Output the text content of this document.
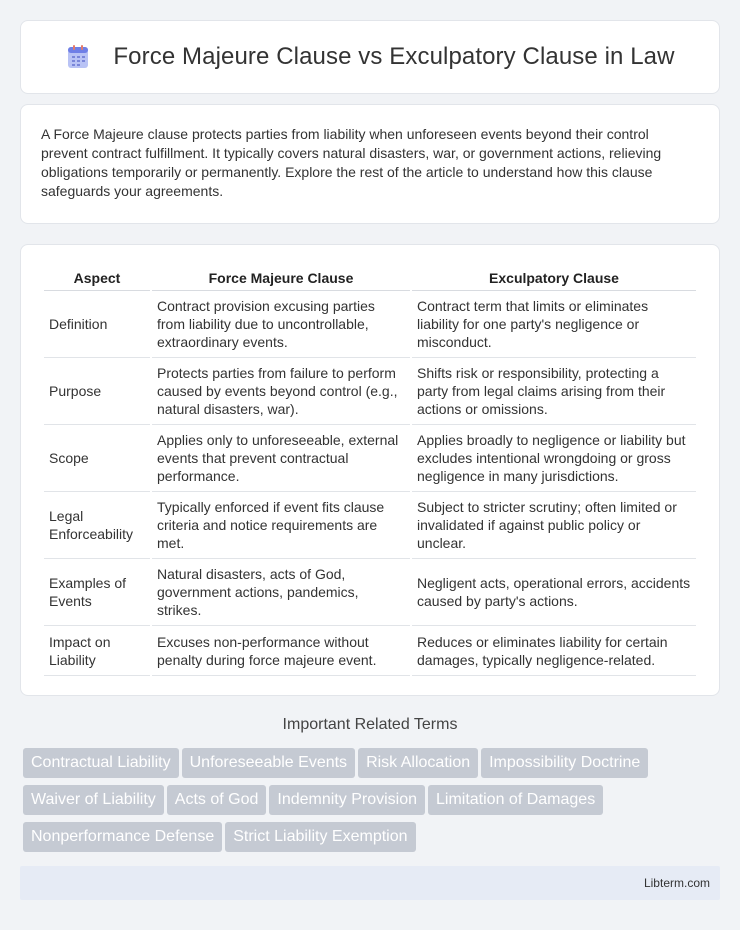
Force Majeure Clause vs Exculpatory Clause in Law

A Force Majeure clause protects parties from liability when unforeseen events beyond their control prevent contract fulfillment. It typically covers natural disasters, war, or government actions, relieving obligations temporarily or permanently. Explore the rest of the article to understand how this clause safeguards your agreements.

Aspect	Force Majeure Clause	Exculpatory Clause
Definition	Contract provision excusing parties from liability due to uncontrollable, extraordinary events.	Contract term that limits or eliminates liability for one party's negligence or misconduct.
Purpose	Protects parties from failure to perform caused by events beyond control (e.g., natural disasters, war).	Shifts risk or responsibility, protecting a party from legal claims arising from their actions or omissions.
Scope	Applies only to unforeseeable, external events that prevent contractual performance.	Applies broadly to negligence or liability but excludes intentional wrongdoing or gross negligence in many jurisdictions.
Legal Enforceability	Typically enforced if event fits clause criteria and notice requirements are met.	Subject to stricter scrutiny; often limited or invalidated if against public policy or unclear.
Examples of Events	Natural disasters, acts of God, government actions, pandemics, strikes.	Negligent acts, operational errors, accidents caused by party's actions.
Impact on Liability	Excuses non-performance without penalty during force majeure event.	Reduces or eliminates liability for certain damages, typically negligence-related.
Important Related Terms
Contractual Liability Unforeseeable Events Risk Allocation Impossibility Doctrine
Waiver of Liability Acts of God Indemnity Provision Limitation of Damages
Nonperformance Defense Strict Liability Exemption
Libterm.com
